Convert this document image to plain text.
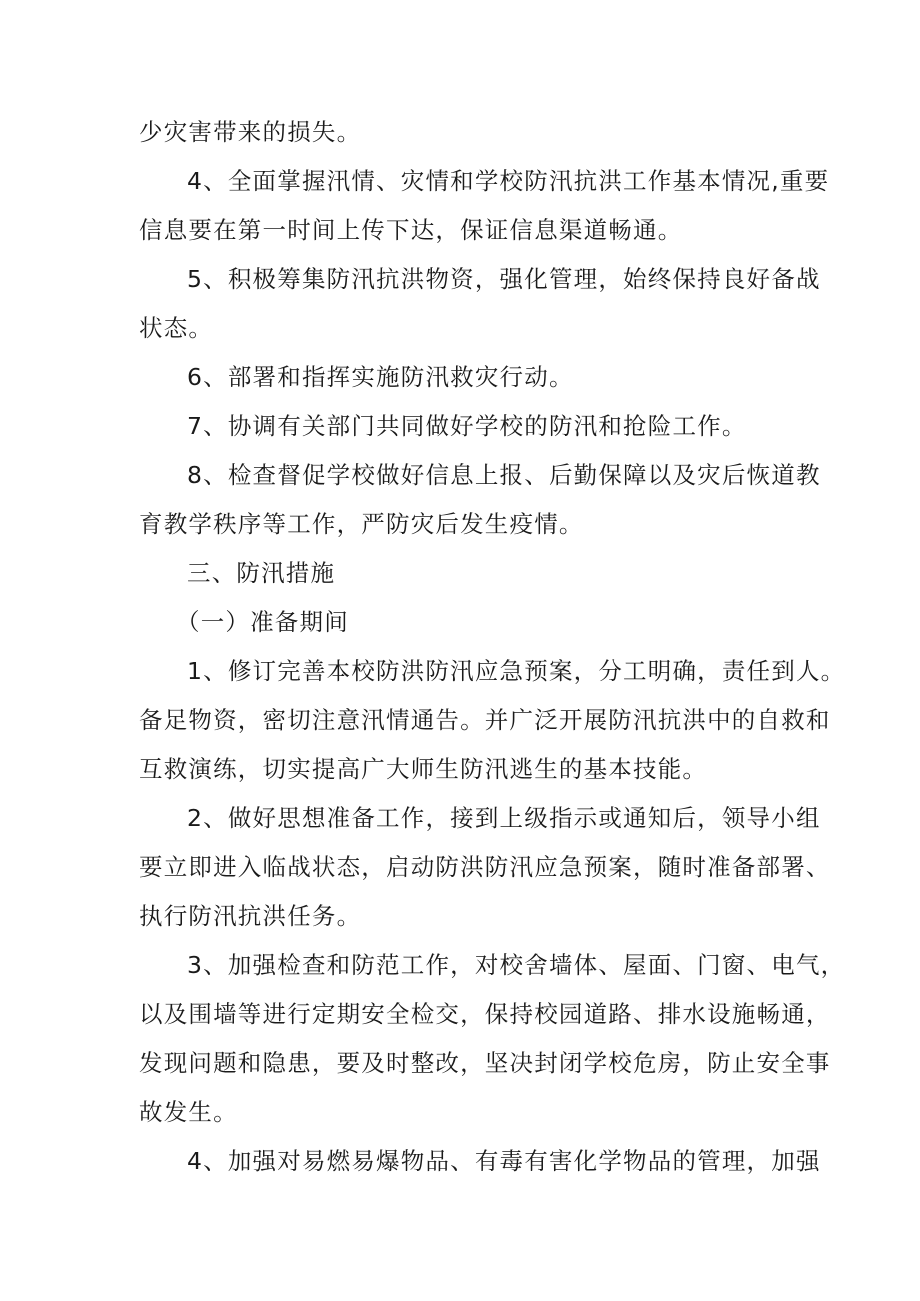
少灾害带来的损失。
4、全面掌握汛情、灾情和学校防汛抗洪工作基本情况,重要
信息要在第一时间上传下达，保证信息渠道畅通。
5、积极筹集防汛抗洪物资，强化管理，始终保持良好备战
状态。
6、部署和指挥实施防汛救灾行动。
7、协调有关部门共同做好学校的防汛和抢险工作。
8、检查督促学校做好信息上报、后勤保障以及灾后恢道教
育教学秩序等工作，严防灾后发生疫情。
三、防汛措施
（一）准备期间
1、修订完善本校防洪防汛应急预案，分工明确，责任到人。
备足物资，密切注意汛情通告。并广泛开展防汛抗洪中的自救和
互救演练，切实提高广大师生防汛逃生的基本技能。
2、做好思想准备工作，接到上级指示或通知后，领导小组
要立即进入临战状态，启动防洪防汛应急预案，随时准备部署、
执行防汛抗洪任务。
3、加强检查和防范工作，对校舍墙体、屋面、门窗、电气，
以及围墙等进行定期安全检交，保持校园道路、排水设施畅通，
发现问题和隐患，要及时整改，坚决封闭学校危房，防止安全事
故发生。
4、加强对易燃易爆物品、有毒有害化学物品的管理，加强
